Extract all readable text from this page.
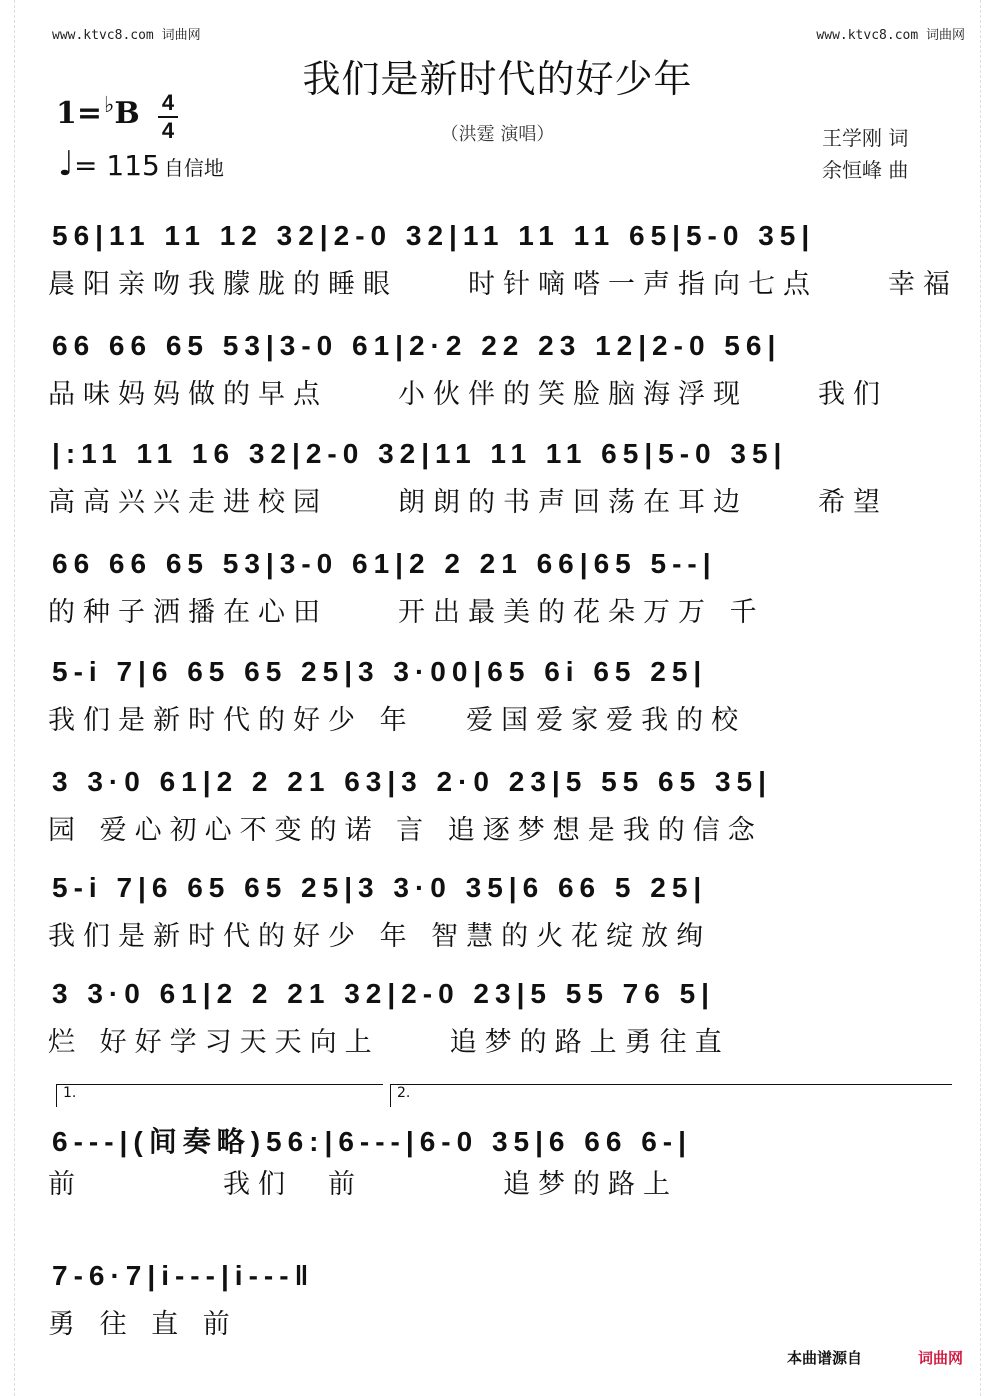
www.ktvc8.com 词曲网	www.ktvc8.com 词曲网
我们是新时代的好少年
1=♭B 4
4
♩= 115 自信地
（洪霆 演唱）	王学刚 词
余恒峰 曲
56|11 11 12 32|2-0 32|11 11 11 65|5-0 35|
晨阳亲吻我朦胧的睡眼　　时针嘀嗒一声指向七点　　幸福
66 66 65 53|3-0 61|2·2 22 23 12|2-0 56|
品味妈妈做的早点　　小伙伴的笑脸脑海浮现　　我们
|:11 11 16 32|2-0 32|11 11 11 65|5-0 35|
高高兴兴走进校园　　朗朗的书声回荡在耳边　　希望
66 66 65 53|3-0 61|2 2 21 66|65 5--|
的种子洒播在心田　　开出最美的花朵万万 千
5-i 7|6 65 65 25|3 3·00|65 6i 65 25|
我们是新时代的好少 年　 爱国爱家爱我的校
3 3·0 61|2 2 21 63|3 2·0 23|5 55 65 35|
园 爱心初心不变的诺 言 追逐梦想是我的信念
5-i 7|6 65 65 25|3 3·0 35|6 66 5 25|
我们是新时代的好少 年 智慧的火花绽放绚
3 3·0 61|2 2 21 32|2-0 23|5 55 76 5|
烂 好好学习天天向上　　追梦的路上勇往直
6---|(间奏略)56:|6---|6-0 35|6 66 6-|
前　　　　我们　前　　　　追梦的路上
7-6·7|i---|i---‖
勇 往 直 前
1.	2.
本曲谱源自	词曲网
